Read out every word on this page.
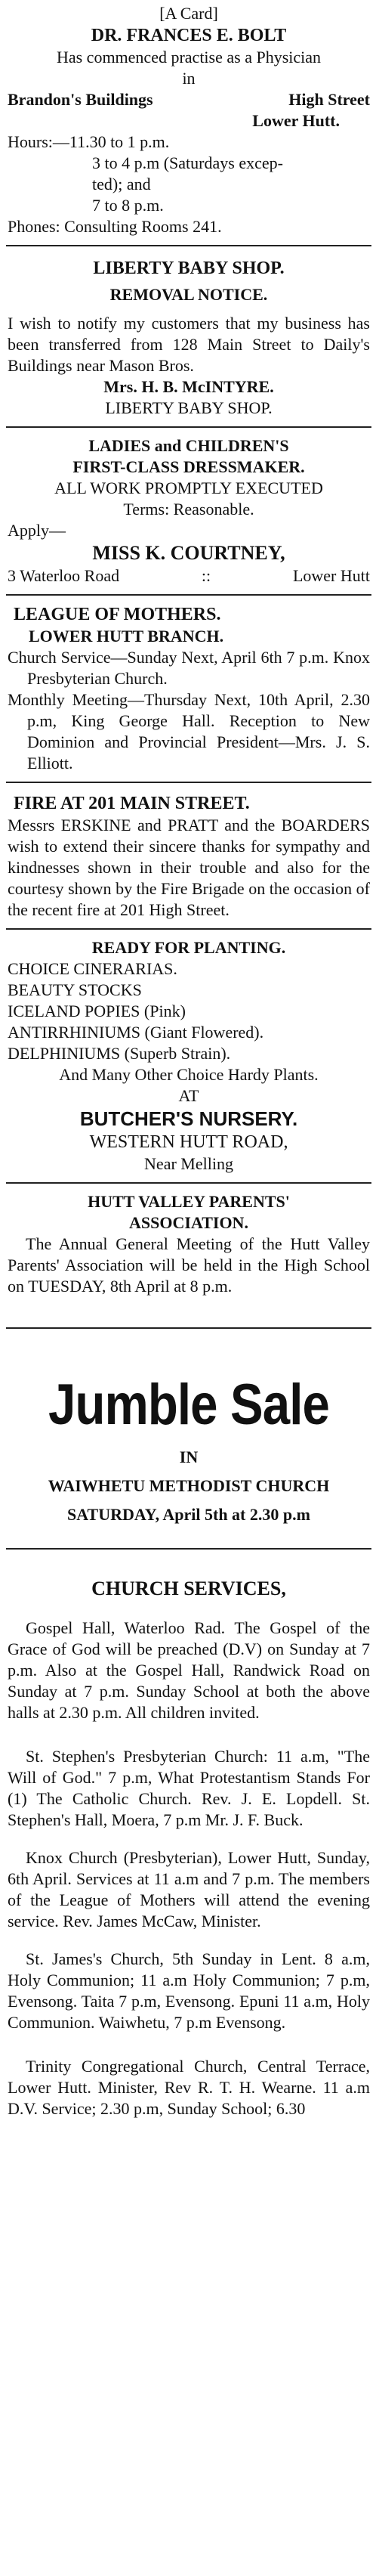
[A Card]

DR. FRANCES E. BOLT

Has commenced practise as a Physician

in

Brandon's Buildings	High Street

Lower Hutt.

Hours:—11.30 to 1 p.m.

3 to 4 p.m (Saturdays excep-

ted); and

7 to 8 p.m.

Phones: Consulting Rooms 241.

LIBERTY BABY SHOP.

REMOVAL NOTICE.

I wish to notify my customers that my business has been transferred from 128 Main Street to Daily's Buildings near Mason Bros.

Mrs. H. B. McINTYRE.

LIBERTY BABY SHOP.

LADIES and CHILDREN'S

FIRST-CLASS DRESSMAKER.

ALL WORK PROMPTLY EXECUTED

Terms: Reasonable.

Apply—

MISS K. COURTNEY,

3 Waterloo Road	::	Lower Hutt

LEAGUE OF MOTHERS.

LOWER HUTT BRANCH.

Church Service—Sunday Next, April 6th 7 p.m. Knox Presbyterian Church.

Monthly Meeting—Thursday Next, 10th April, 2.30 p.m, King George Hall. Reception to New Dominion and Provincial President—Mrs. J. S. Elliott.

FIRE AT 201 MAIN STREET.

Messrs ERSKINE and PRATT and the BOARDERS wish to extend their sincere thanks for sympathy and kindnesses shown in their trouble and also for the courtesy shown by the Fire Brigade on the occasion of the recent fire at 201 High Street.

READY FOR PLANTING.

CHOICE CINERARIAS.

BEAUTY STOCKS

ICELAND POPIES (Pink)

ANTIRRHINIUMS (Giant Flowered).

DELPHINIUMS (Superb Strain).

And Many Other Choice Hardy Plants.

AT

BUTCHER'S NURSERY.

WESTERN HUTT ROAD,

Near Melling

HUTT VALLEY PARENTS'

ASSOCIATION.

The Annual General Meeting of the Hutt Valley Parents' Association will be held in the High School on TUESDAY, 8th April at 8 p.m.

Jumble Sale

IN

WAIWHETU METHODIST CHURCH

SATURDAY, April 5th at 2.30 p.m

CHURCH SERVICES,

Gospel Hall, Waterloo Rad. The Gospel of the Grace of God will be preached (D.V) on Sunday at 7 p.m. Also at the Gospel Hall, Randwick Road on Sunday at 7 p.m. Sunday School at both the above halls at 2.30 p.m. All children invited.

St. Stephen's Presbyterian Church: 11 a.m, "The Will of God." 7 p.m, What Protestantism Stands For (1) The Catholic Church. Rev. J. E. Lopdell. St. Stephen's Hall, Moera, 7 p.m Mr. J. F. Buck.

Knox Church (Presbyterian), Lower Hutt, Sunday, 6th April. Services at 11 a.m and 7 p.m. The members of the League of Mothers will attend the evening service. Rev. James McCaw, Minister.

St. James's Church, 5th Sunday in Lent. 8 a.m, Holy Communion; 11 a.m Holy Communion; 7 p.m, Evensong. Taita 7 p.m, Evensong. Epuni 11 a.m, Holy Communion. Waiwhetu, 7 p.m Evensong.

Trinity Congregational Church, Central Terrace, Lower Hutt. Minister, Rev R. T. H. Wearne. 11 a.m D.V. Service; 2.30 p.m, Sunday School; 6.30
